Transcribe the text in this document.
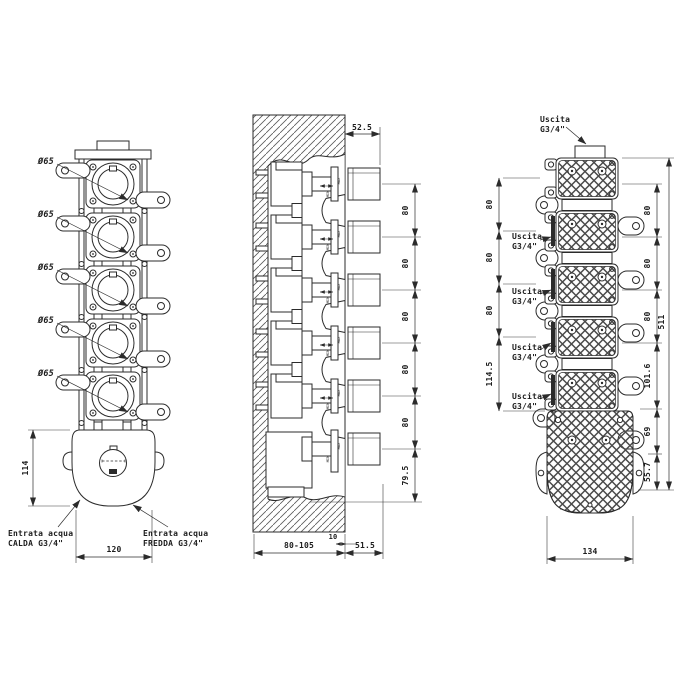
MIN
Ø65
Ø65
Ø65
Ø65
Ø65
114
120
Entrata acqua
CALDA G3/4"
Entrata acqua
FREDDA G3/4"
MAX
MIN
52.5
80
80
80
80
80
79.5
80-105	51.5
10
Uscita
G3/4"
Uscita
G3/4"
Uscita
G3/4"
Uscita
G3/4"
Uscita
G3/4"
80
80
80
114.5
80
80
80
101.6
69
55.7
511
134
